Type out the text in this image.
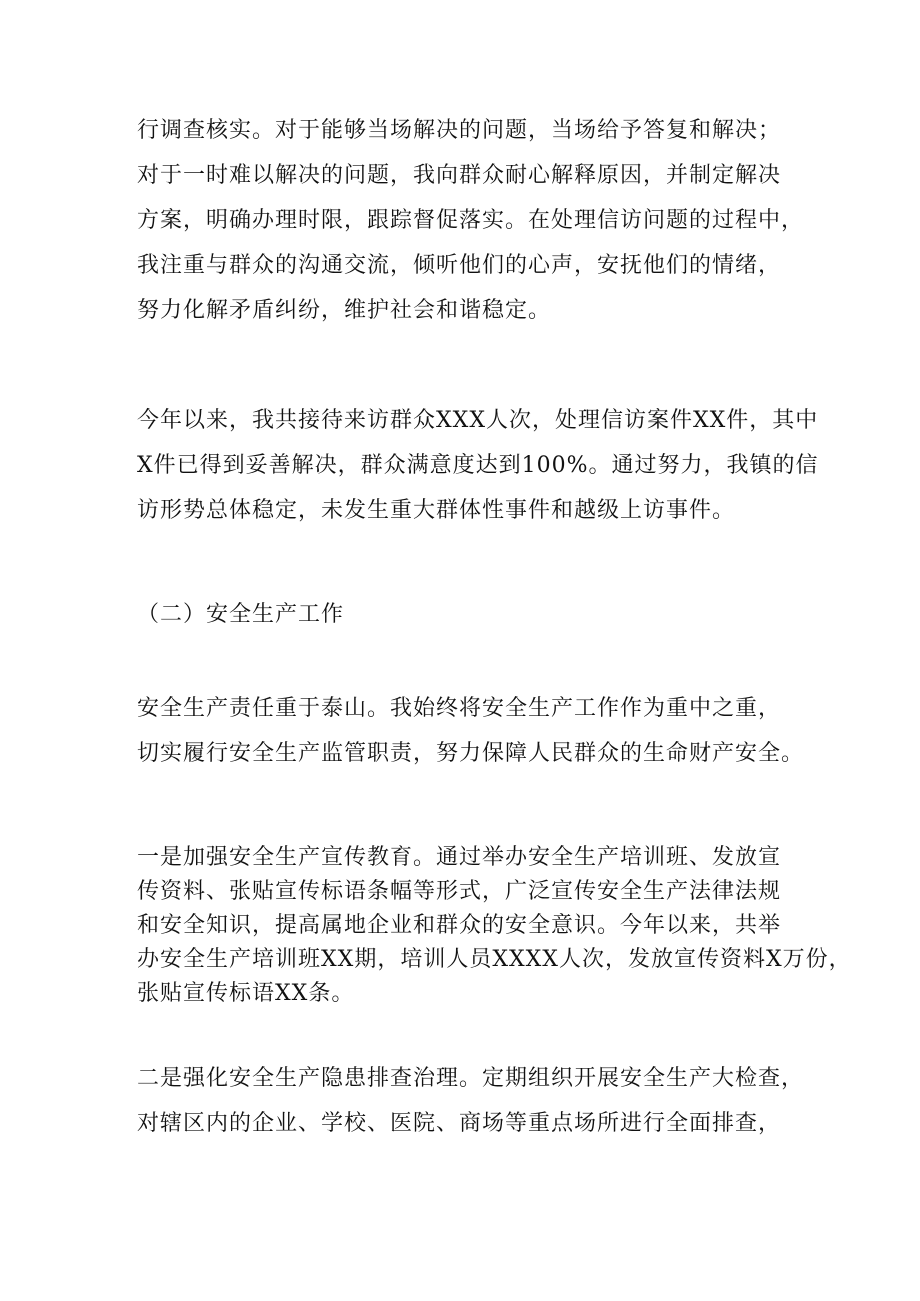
行调查核实。对于能够当场解决的问题，当场给予答复和解决；
对于一时难以解决的问题，我向群众耐心解释原因，并制定解决
方案，明确办理时限，跟踪督促落实。在处理信访问题的过程中，
我注重与群众的沟通交流，倾听他们的心声，安抚他们的情绪，
努力化解矛盾纠纷，维护社会和谐稳定。
今年以来，我共接待来访群众XXX人次，处理信访案件XX件，其中
X件已得到妥善解决，群众满意度达到100%。通过努力，我镇的信
访形势总体稳定，未发生重大群体性事件和越级上访事件。
（二）安全生产工作
安全生产责任重于泰山。我始终将安全生产工作作为重中之重，
切实履行安全生产监管职责，努力保障人民群众的生命财产安全。
一是加强安全生产宣传教育。通过举办安全生产培训班、发放宣
传资料、张贴宣传标语条幅等形式，广泛宣传安全生产法律法规
和安全知识，提高属地企业和群众的安全意识。今年以来，共举
办安全生产培训班XX期，培训人员XXXX人次，发放宣传资料X万份，
张贴宣传标语XX条。
二是强化安全生产隐患排查治理。定期组织开展安全生产大检查，
对辖区内的企业、学校、医院、商场等重点场所进行全面排查，
